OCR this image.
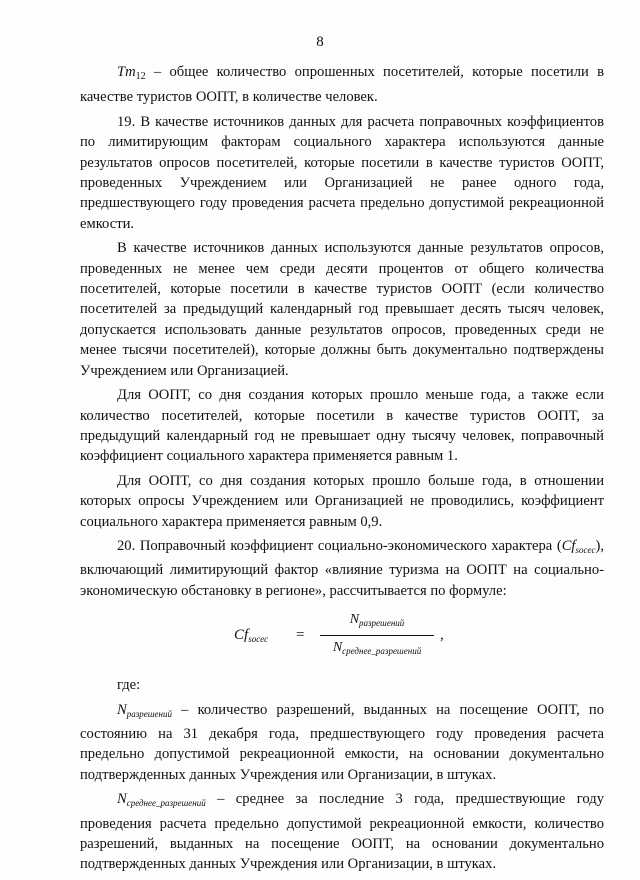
8

$Tm_{12}$ – общее количество опрошенных посетителей, которые посетили в качестве туристов ООПТ, в количестве человек.

19. В качестве источников данных для расчета поправочных коэффициентов по лимитирующим факторам социального характера используются данные результатов опросов посетителей, которые посетили в качестве туристов ООПТ, проведенных Учреждением или Организацией не ранее одного года, предшествующего году проведения расчета предельно допустимой рекреационной емкости.

В качестве источников данных используются данные результатов опросов, проведенных не менее чем среди десяти процентов от общего количества посетителей, которые посетили в качестве туристов ООПТ (если количество посетителей за предыдущий календарный год превышает десять тысяч человек, допускается использовать данные результатов опросов, проведенных среди не менее тысячи посетителей), которые должны быть документально подтверждены Учреждением или Организацией.

Для ООПТ, со дня создания которых прошло меньше года, а также если количество посетителей, которые посетили в качестве туристов ООПТ, за предыдущий календарный год не превышает одну тысячу человек, поправочный коэффициент социального характера применяется равным 1.

Для ООПТ, со дня создания которых прошло больше года, в отношении которых опросы Учреждением или Организацией не проводились, коэффициент социального характера применяется равным 0,9.

20. Поправочный коэффициент социально-экономического характера $(Cf_{socec})$, включающий лимитирующий фактор «влияние туризма на ООПТ на социально-экономическую обстановку в регионе», рассчитывается по формуле:

$Cf_{socec}$ =
$N_{разрешений}$
$N_{среднее\_разрешений}$
,

где:

$N_{разрешений}$ – количество разрешений, выданных на посещение ООПТ, по состоянию на 31 декабря года, предшествующего году проведения расчета предельно допустимой рекреационной емкости, на основании документально подтвержденных данных Учреждения или Организации, в штуках.

$N_{среднее\_разрешений}$ – среднее за последние 3 года, предшествующие году проведения расчета предельно допустимой рекреационной емкости, количество разрешений, выданных на посещение ООПТ, на основании документально подтвержденных данных Учреждения или Организации, в штуках.
